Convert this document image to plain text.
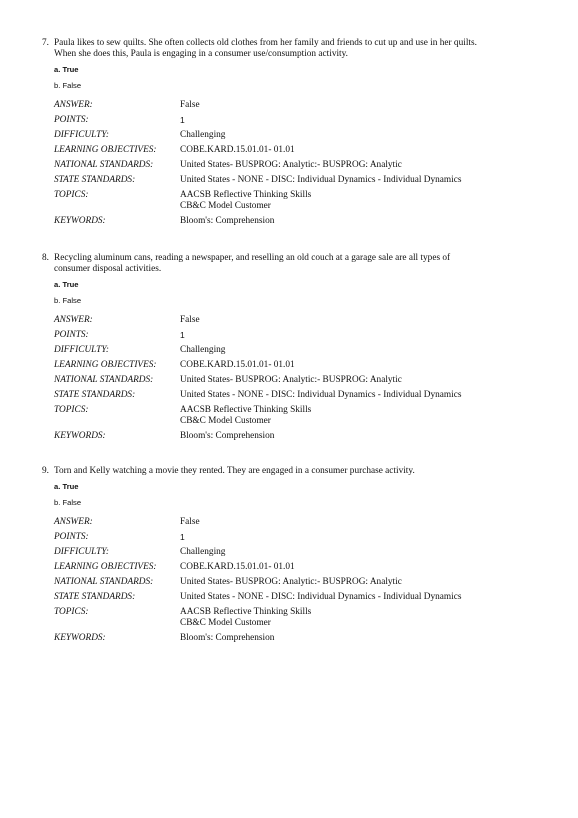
7. Paula likes to sew quilts. She often collects old clothes from her family and friends to cut up and use in her quilts.
When she does this, Paula is engaging in a consumer use/consumption activity.
a. True
b. False
ANSWER:	False
POINTS:	1
DIFFICULTY:	Challenging
LEARNING OBJECTIVES:	COBE.KARD.15.01.01- 01.01
NATIONAL STANDARDS:	United States- BUSPROG: Analytic:- BUSPROG: Analytic
STATE STANDARDS:	United States - NONE - DISC: Individual Dynamics - Individual Dynamics
TOPICS:	AACSB Reflective Thinking Skills
CB&C Model Customer
KEYWORDS:	Bloom's: Comprehension
8. Recycling aluminum cans, reading a newspaper, and reselling an old couch at a garage sale are all types of
consumer disposal activities.
a. True
b. False
ANSWER:	False
POINTS:	1
DIFFICULTY:	Challenging
LEARNING OBJECTIVES:	COBE.KARD.15.01.01- 01.01
NATIONAL STANDARDS:	United States- BUSPROG: Analytic:- BUSPROG: Analytic
STATE STANDARDS:	United States - NONE - DISC: Individual Dynamics - Individual Dynamics
TOPICS:	AACSB Reflective Thinking Skills
CB&C Model Customer
KEYWORDS:	Bloom's: Comprehension
9. Torn and Kelly watching a movie they rented. They are engaged in a consumer purchase activity.
a. True
b. False
ANSWER:	False
POINTS:	1
DIFFICULTY:	Challenging
LEARNING OBJECTIVES:	COBE.KARD.15.01.01- 01.01
NATIONAL STANDARDS:	United States- BUSPROG: Analytic:- BUSPROG: Analytic
STATE STANDARDS:	United States - NONE - DISC: Individual Dynamics - Individual Dynamics
TOPICS:	AACSB Reflective Thinking Skills
CB&C Model Customer
KEYWORDS:	Bloom's: Comprehension
